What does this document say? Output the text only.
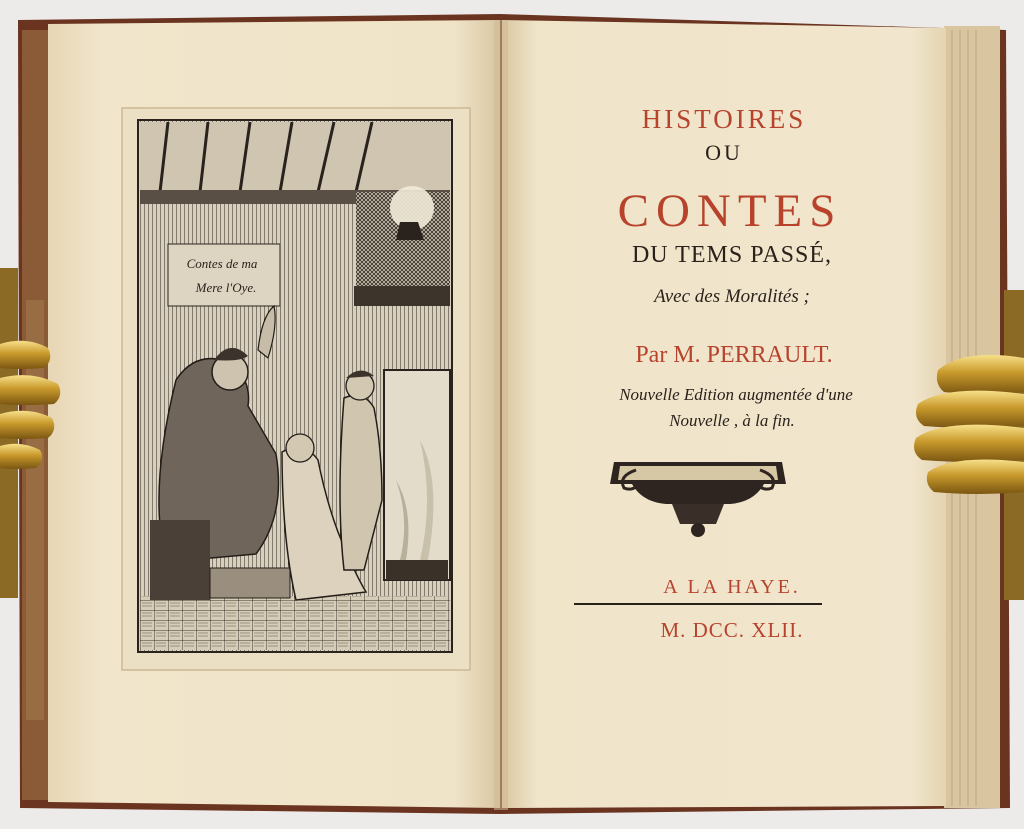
Contes de ma
Mere l'Oye.
HISTOIRES
OU
CONTES
DU TEMS PASSÉ,
Avec des Moralités ;
Par M. PERRAULT.
Nouvelle Edition augmentée d'une
Nouvelle , à la fin.
A LA HAYE.
M. DCC. XLII.
